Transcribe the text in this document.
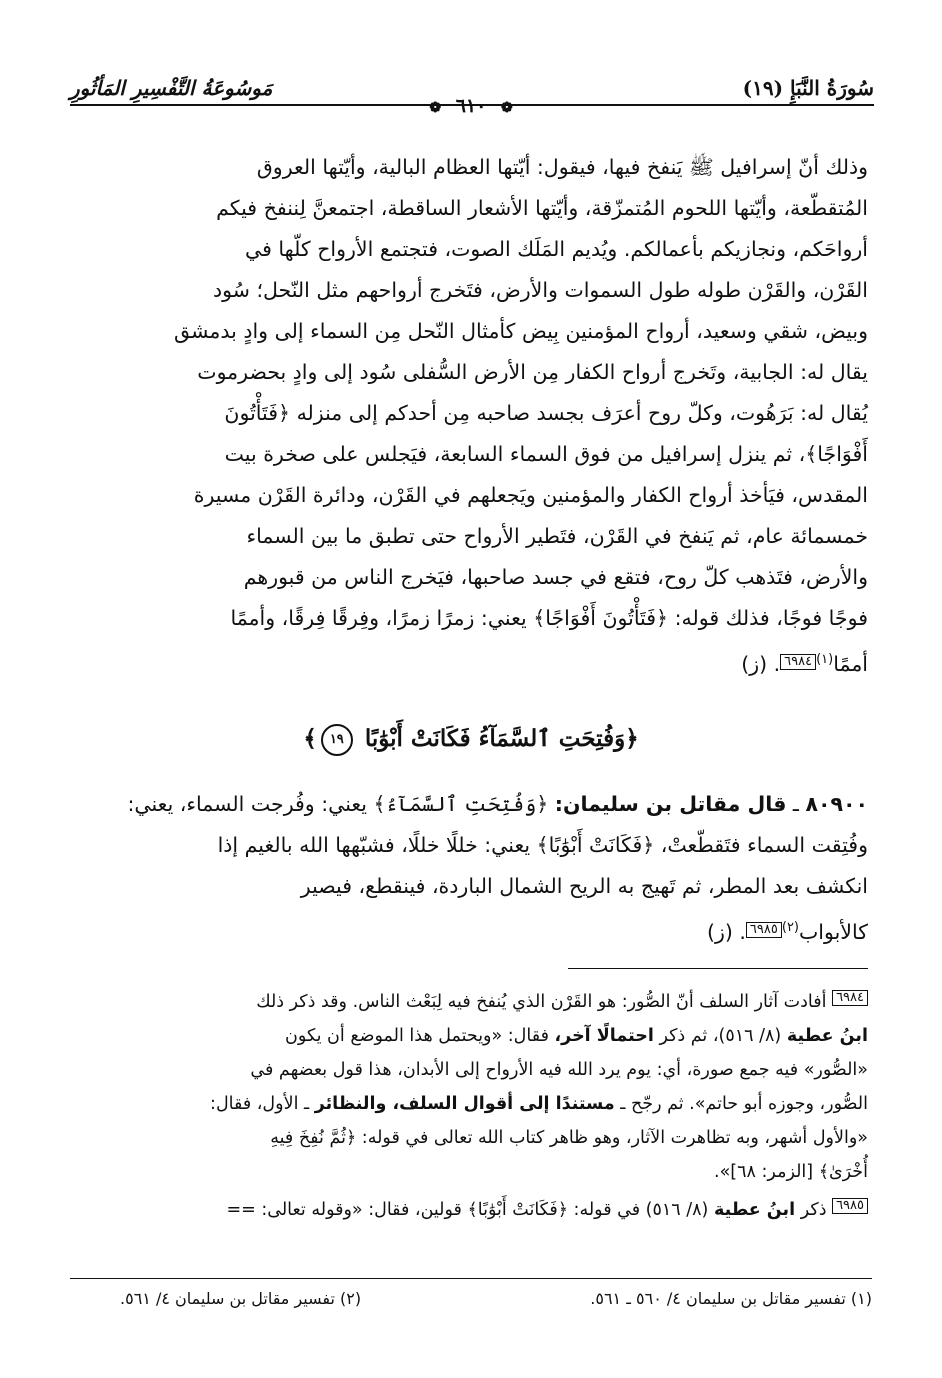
سُورَةُ النَّبَإِ (١٩)
مَوسُوعَةُ التَّفْسِيرِ المَأثُورِ
❁ ٦١٠ ❁
وذلك أنّ إسرافيل ﷺ يَنفخ فيها، فيقول: أيّتها العظام البالية، وأيّتها العروق
المُتقطّعة، وأيّتها اللحوم المُتمزّقة، وأيّتها الأشعار الساقطة، اجتمعنَّ لِننفخ فيكم
أرواحَكم، ونجازيكم بأعمالكم. ويُديم المَلَك الصوت، فتجتمع الأرواح كلّها في
القَرْن، والقَرْن طوله طول السموات والأرض، فتَخرج أرواحهم مثل النّحل؛ سُود
وبيض، شقي وسعيد، أرواح المؤمنين بِيض كأمثال النّحل مِن السماء إلى وادٍ بدمشق
يقال له: الجابية، وتَخرج أرواح الكفار مِن الأرض السُّفلى سُود إلى وادٍ بحضرموت
يُقال له: بَرَهُوت، وكلّ روح أعرَف بجسد صاحبه مِن أحدكم إلى منزله ﴿فَتَأْتُونَ
أَفْوَاجًا﴾، ثم ينزل إسرافيل من فوق السماء السابعة، فيَجلس على صخرة بيت
المقدس، فيَأخذ أرواح الكفار والمؤمنين ويَجعلهم في القَرْن، ودائرة القَرْن مسيرة
خمسمائة عام، ثم يَنفخ في القَرْن، فتَطير الأرواح حتى تطبق ما بين السماء
والأرض، فتَذهب كلّ روح، فتقع في جسد صاحبها، فيَخرج الناس من قبورهم
فوجًا فوجًا، فذلك قوله: ﴿فَتَأْتُونَ أَفْوَاجًا﴾ يعني: زمرًا زمرًا، وفِرقًا فِرقًا، وأممًا
أممًا$^{(١)}$٦٩٨٤. (ز)
﴿وَفُتِحَتِ ٱلسَّمَآءُ فَكَانَتْ أَبْوَٰبًا ١٩﴾
٨٠٩٠٠ ـ قال مقاتل بن سليمان: ﴿وَفُتِحَتِ ٱلسَّمَآءُ﴾ يعني: وفُرجت السماء، يعني:
وفُتِقت السماء فتَقطّعتْ، ﴿فَكَانَتْ أَبْوَٰبًا﴾ يعني: خللًا خللًا، فشبّهها الله بالغيم إذا
انكشف بعد المطر، ثم تَهيج به الريح الشمال الباردة، فينقطع، فيصير
كالأبواب$^{(٢)}$٦٩٨٥. (ز)
٦٩٨٤ أفادت آثار السلف أنّ الصُّور: هو القَرْن الذي يُنفخ فيه لِبَعْث الناس. وقد ذكر ذلك
ابنُ عطية (٨/ ٥١٦)، ثم ذكر احتمالًا آخر، فقال: «ويحتمل هذا الموضع أن يكون
«الصُّور» فيه جمع صورة، أي: يوم يرد الله فيه الأرواح إلى الأبدان، هذا قول بعضهم في
الصُّور، وجوزه أبو حاتم». ثم رجّح ـ مستندًا إلى أقوال السلف، والنظائر ـ الأول، فقال:
«والأول أشهر، وبه تظاهرت الآثار، وهو ظاهر كتاب الله تعالى في قوله: ﴿ثُمَّ نُفِخَ فِيهِ
أُخْرَىٰ﴾ [الزمر: ٦٨]».
٦٩٨٥ ذكر ابنُ عطية (٨/ ٥١٦) في قوله: ﴿فَكَانَتْ أَبْوَٰبًا﴾ قولين، فقال: «وقوله تعالى: ==
(١) تفسير مقاتل بن سليمان ٤/ ٥٦٠ ـ ٥٦١.
(٢) تفسير مقاتل بن سليمان ٤/ ٥٦١.
